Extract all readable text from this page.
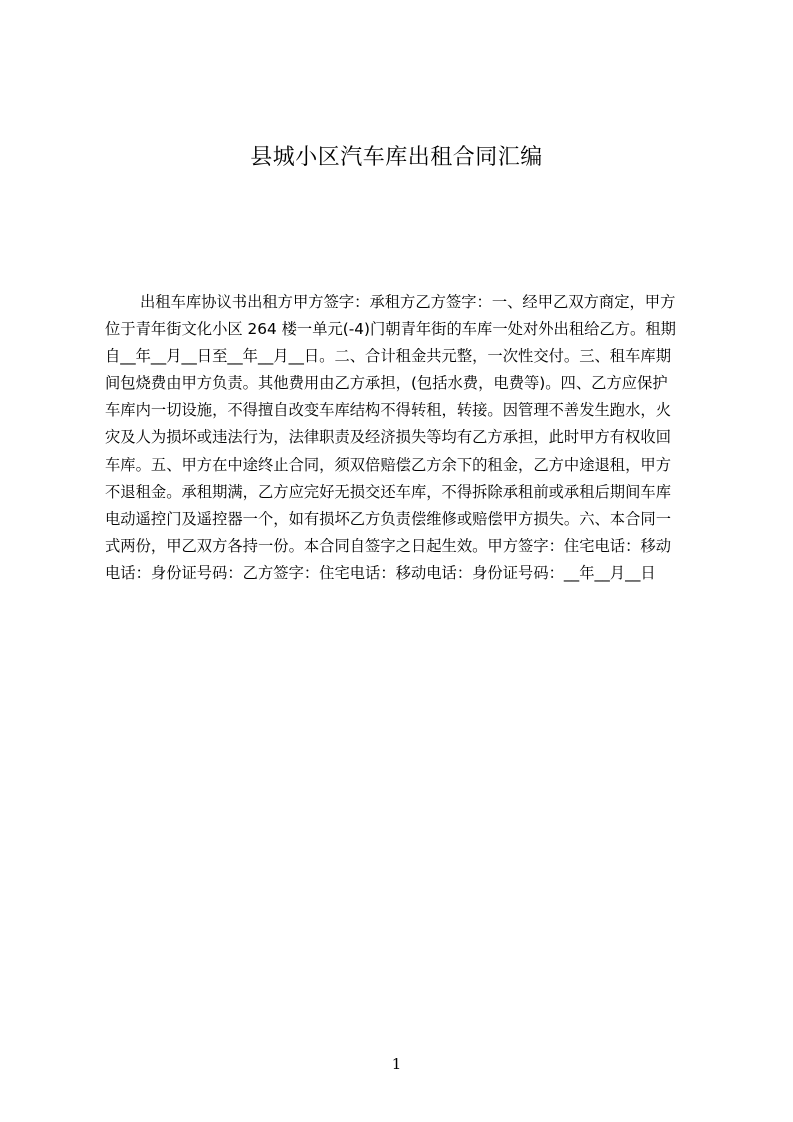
县城小区汽车库出租合同汇编
出租车库协议书出租方甲方签字：承租方乙方签字：一、经甲乙双方商定，甲方
位于青年街文化小区 264 楼一单元(-4)门朝青年街的车库一处对外出租给乙方。租期
自__年__月__日至__年__月__日。二、合计租金共元整，一次性交付。三、租车库期
间包烧费由甲方负责。其他费用由乙方承担，(包括水费，电费等)。四、乙方应保护
车库内一切设施，不得擅自改变车库结构不得转租，转接。因管理不善发生跑水，火
灾及人为损坏或违法行为，法律职责及经济损失等均有乙方承担，此时甲方有权收回
车库。五、甲方在中途终止合同，须双倍赔偿乙方余下的租金，乙方中途退租，甲方
不退租金。承租期满，乙方应完好无损交还车库，不得拆除承租前或承租后期间车库
电动遥控门及遥控器一个，如有损坏乙方负责偿维修或赔偿甲方损失。六、本合同一
式两份，甲乙双方各持一份。本合同自签字之日起生效。甲方签字：住宅电话：移动
电话：身份证号码：乙方签字：住宅电话：移动电话：身份证号码：__年__月__日
1
